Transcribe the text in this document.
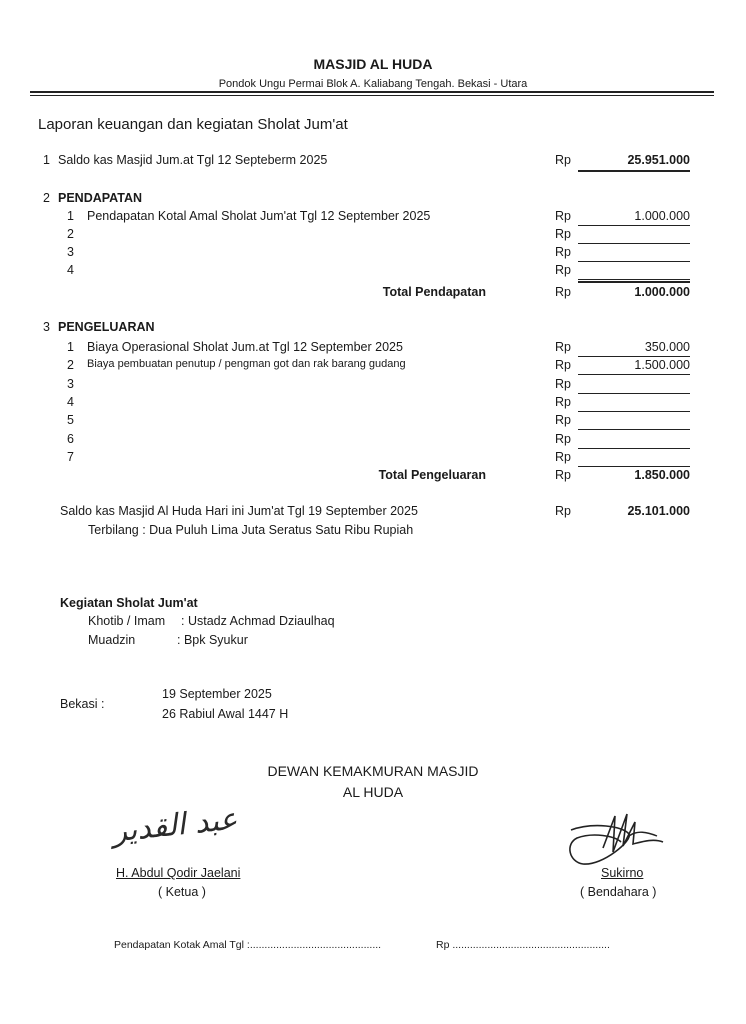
MASJID AL HUDA
Pondok Ungu Permai Blok A. Kaliabang Tengah. Bekasi - Utara
Laporan keuangan dan kegiatan Sholat Jum'at
1 Saldo kas Masjid Jum.at Tgl 12 Septeberm 2025	Rp	25.951.000
2 PENDAPATAN
1 Pendapatan Kotal Amal Sholat Jum'at Tgl 12 September 2025	Rp	1.000.000
2	Rp
3	Rp
4	Rp
Total Pendapatan	Rp	1.000.000
3 PENGELUARAN
1 Biaya Operasional Sholat Jum.at Tgl 12 September 2025	Rp	350.000
2 Biaya pembuatan penutup / pengman got dan rak barang gudang	Rp	1.500.000
3	Rp
4	Rp
5	Rp
6	Rp
7	Rp
Total Pengeluaran	Rp	1.850.000
Saldo kas Masjid Al Huda Hari ini Jum'at Tgl 19 September 2025	Rp	25.101.000
Terbilang : Dua Puluh Lima Juta Seratus Satu Ribu Rupiah
Kegiatan Sholat Jum'at
Khotib / Imam : Ustadz Achmad Dziaulhaq
Muadzin	: Bpk Syukur
Bekasi :
19 September 2025
26 Rabiul Awal 1447 H
DEWAN KEMAKMURAN MASJID
AL HUDA
عبد القدير
H. Abdul Qodir Jaelani
( Ketua )
Sukirno
( Bendahara )
Pendapatan Kotak Amal Tgl :.............................................	Rp ......................................................
